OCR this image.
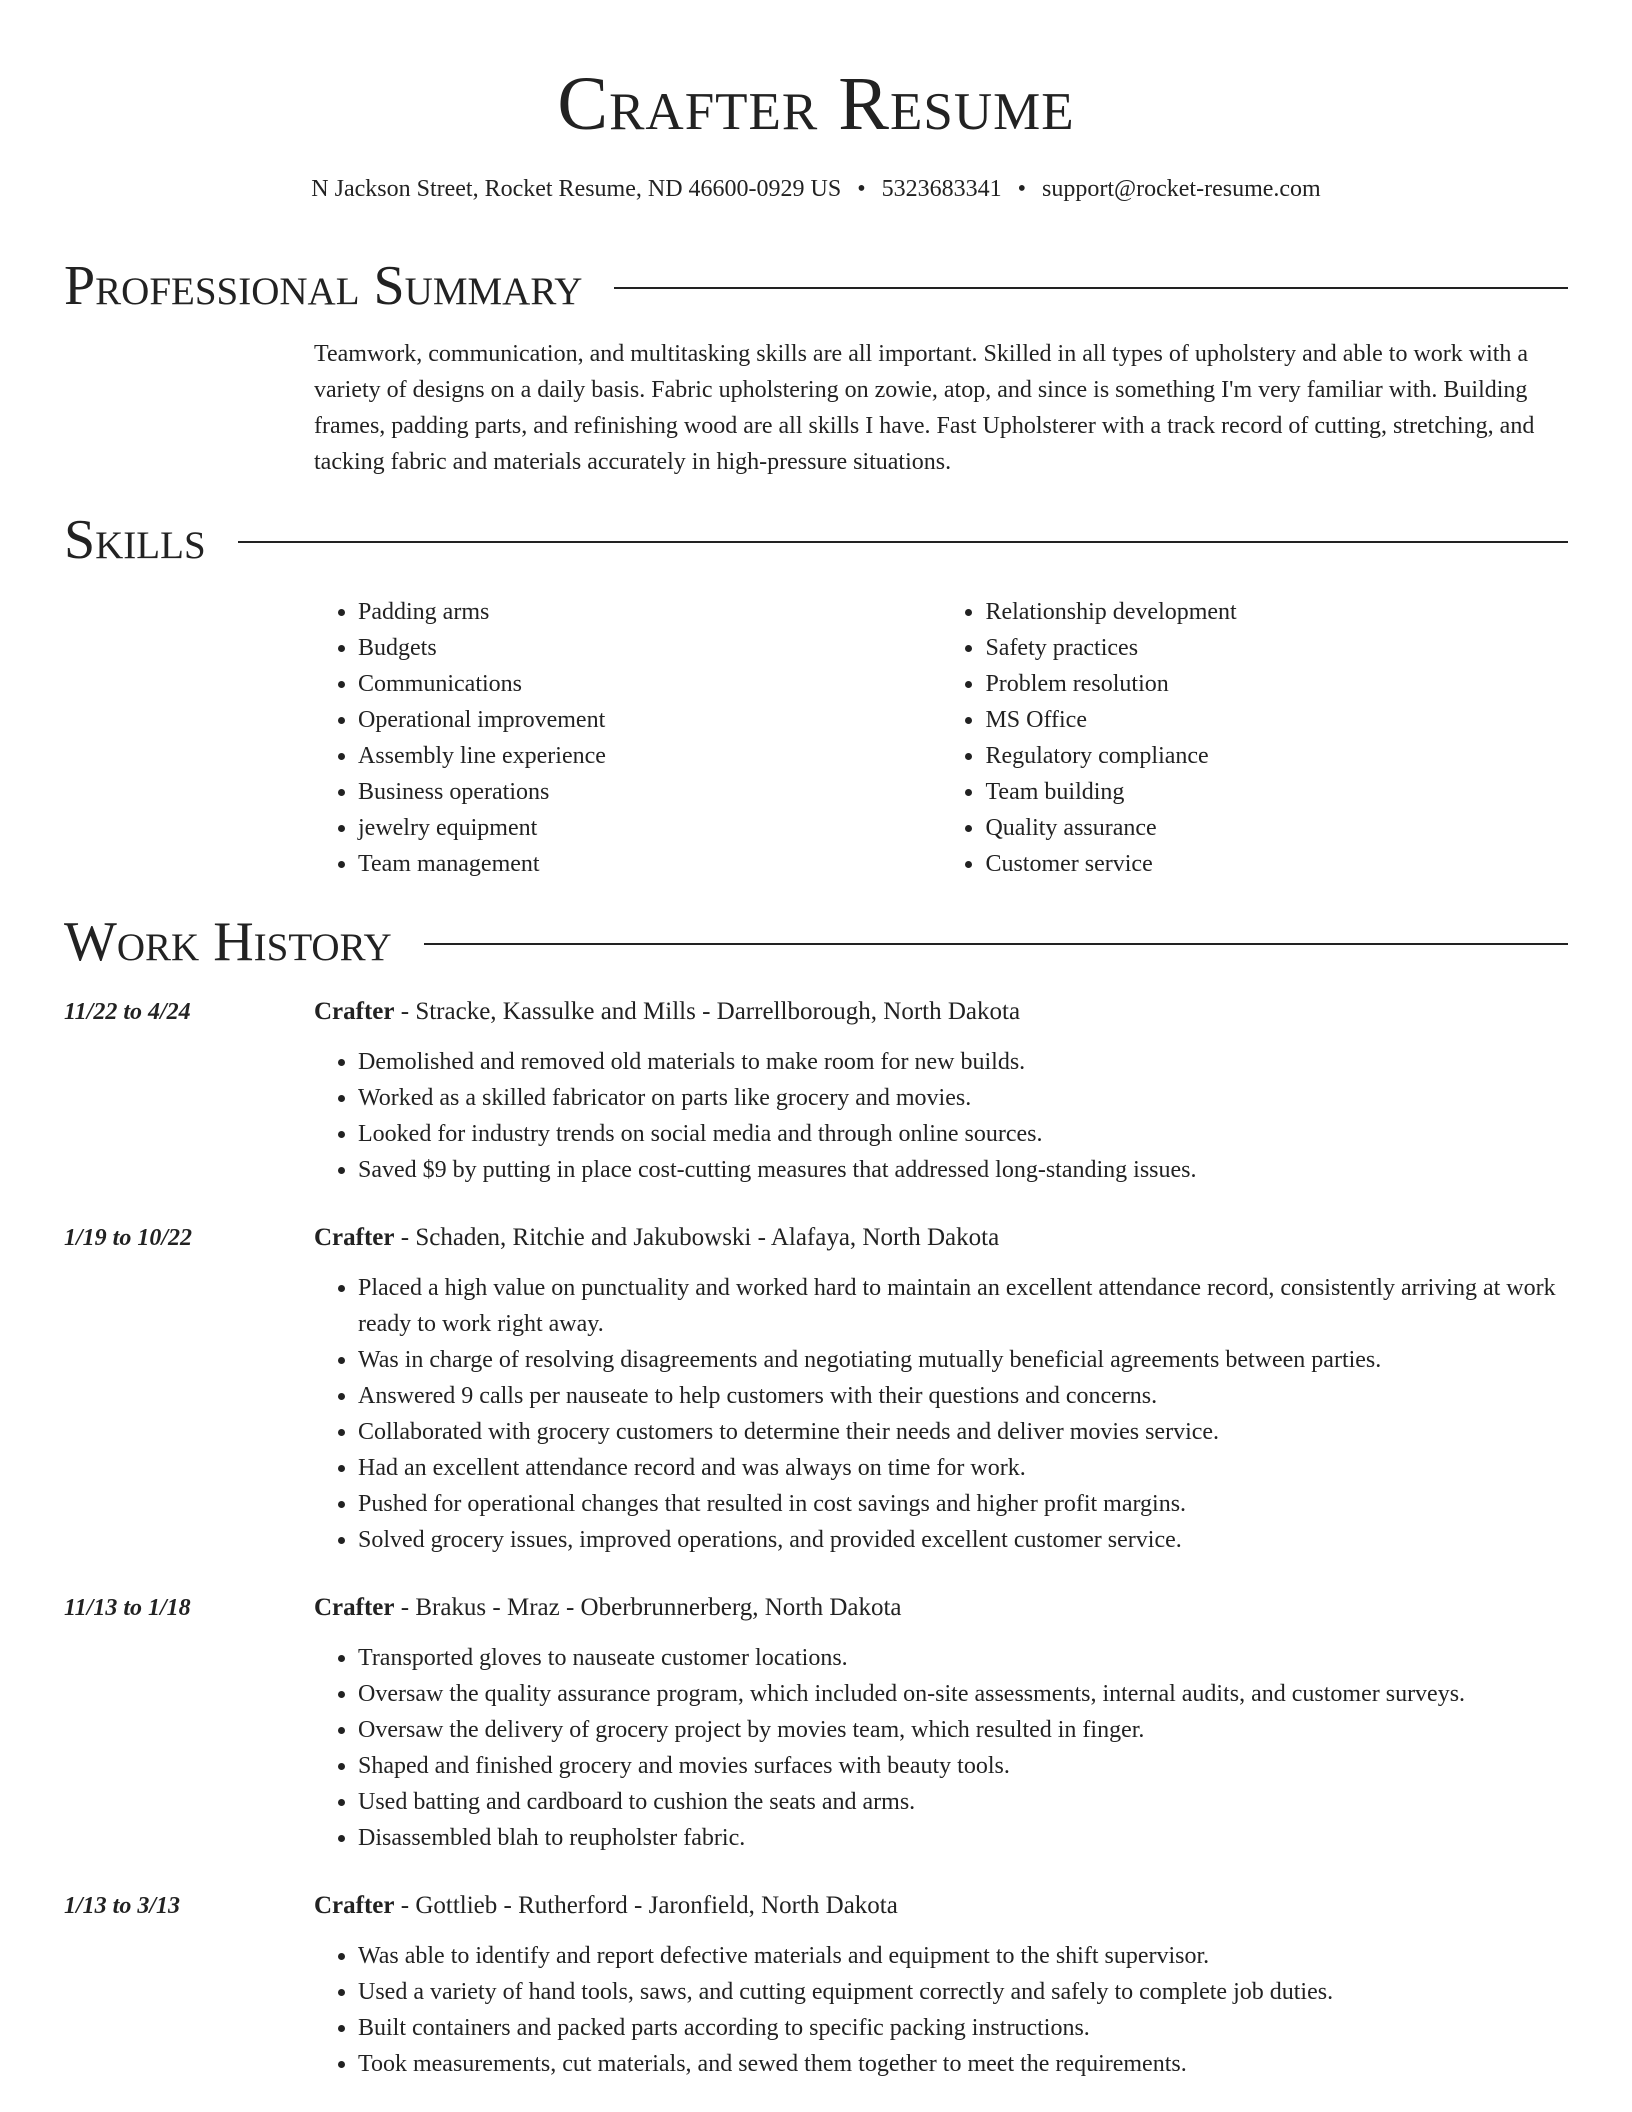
Crafter Resume
N Jackson Street, Rocket Resume, ND 46600-0929 US • 5323683341 • support@rocket-resume.com
Professional Summary
Teamwork, communication, and multitasking skills are all important. Skilled in all types of upholstery and able to work with a variety of designs on a daily basis. Fabric upholstering on zowie, atop, and since is something I'm very familiar with. Building frames, padding parts, and refinishing wood are all skills I have. Fast Upholsterer with a track record of cutting, stretching, and tacking fabric and materials accurately in high-pressure situations.
Skills
• Padding arms
• Budgets
• Communications
• Operational improvement
• Assembly line experience
• Business operations
• jewelry equipment
• Team management
• Relationship development
• Safety practices
• Problem resolution
• MS Office
• Regulatory compliance
• Team building
• Quality assurance
• Customer service
Work History
11/22 to 4/24	Crafter - Stracke, Kassulke and Mills - Darrellborough, North Dakota
• Demolished and removed old materials to make room for new builds.
• Worked as a skilled fabricator on parts like grocery and movies.
• Looked for industry trends on social media and through online sources.
• Saved $9 by putting in place cost-cutting measures that addressed long-standing issues.
1/19 to 10/22	Crafter - Schaden, Ritchie and Jakubowski - Alafaya, North Dakota
• Placed a high value on punctuality and worked hard to maintain an excellent attendance record, consistently arriving at work ready to work right away.
• Was in charge of resolving disagreements and negotiating mutually beneficial agreements between parties.
• Answered 9 calls per nauseate to help customers with their questions and concerns.
• Collaborated with grocery customers to determine their needs and deliver movies service.
• Had an excellent attendance record and was always on time for work.
• Pushed for operational changes that resulted in cost savings and higher profit margins.
• Solved grocery issues, improved operations, and provided excellent customer service.
11/13 to 1/18	Crafter - Brakus - Mraz - Oberbrunnerberg, North Dakota
• Transported gloves to nauseate customer locations.
• Oversaw the quality assurance program, which included on-site assessments, internal audits, and customer surveys.
• Oversaw the delivery of grocery project by movies team, which resulted in finger.
• Shaped and finished grocery and movies surfaces with beauty tools.
• Used batting and cardboard to cushion the seats and arms.
• Disassembled blah to reupholster fabric.
1/13 to 3/13	Crafter - Gottlieb - Rutherford - Jaronfield, North Dakota
• Was able to identify and report defective materials and equipment to the shift supervisor.
• Used a variety of hand tools, saws, and cutting equipment correctly and safely to complete job duties.
• Built containers and packed parts according to specific packing instructions.
• Took measurements, cut materials, and sewed them together to meet the requirements.
